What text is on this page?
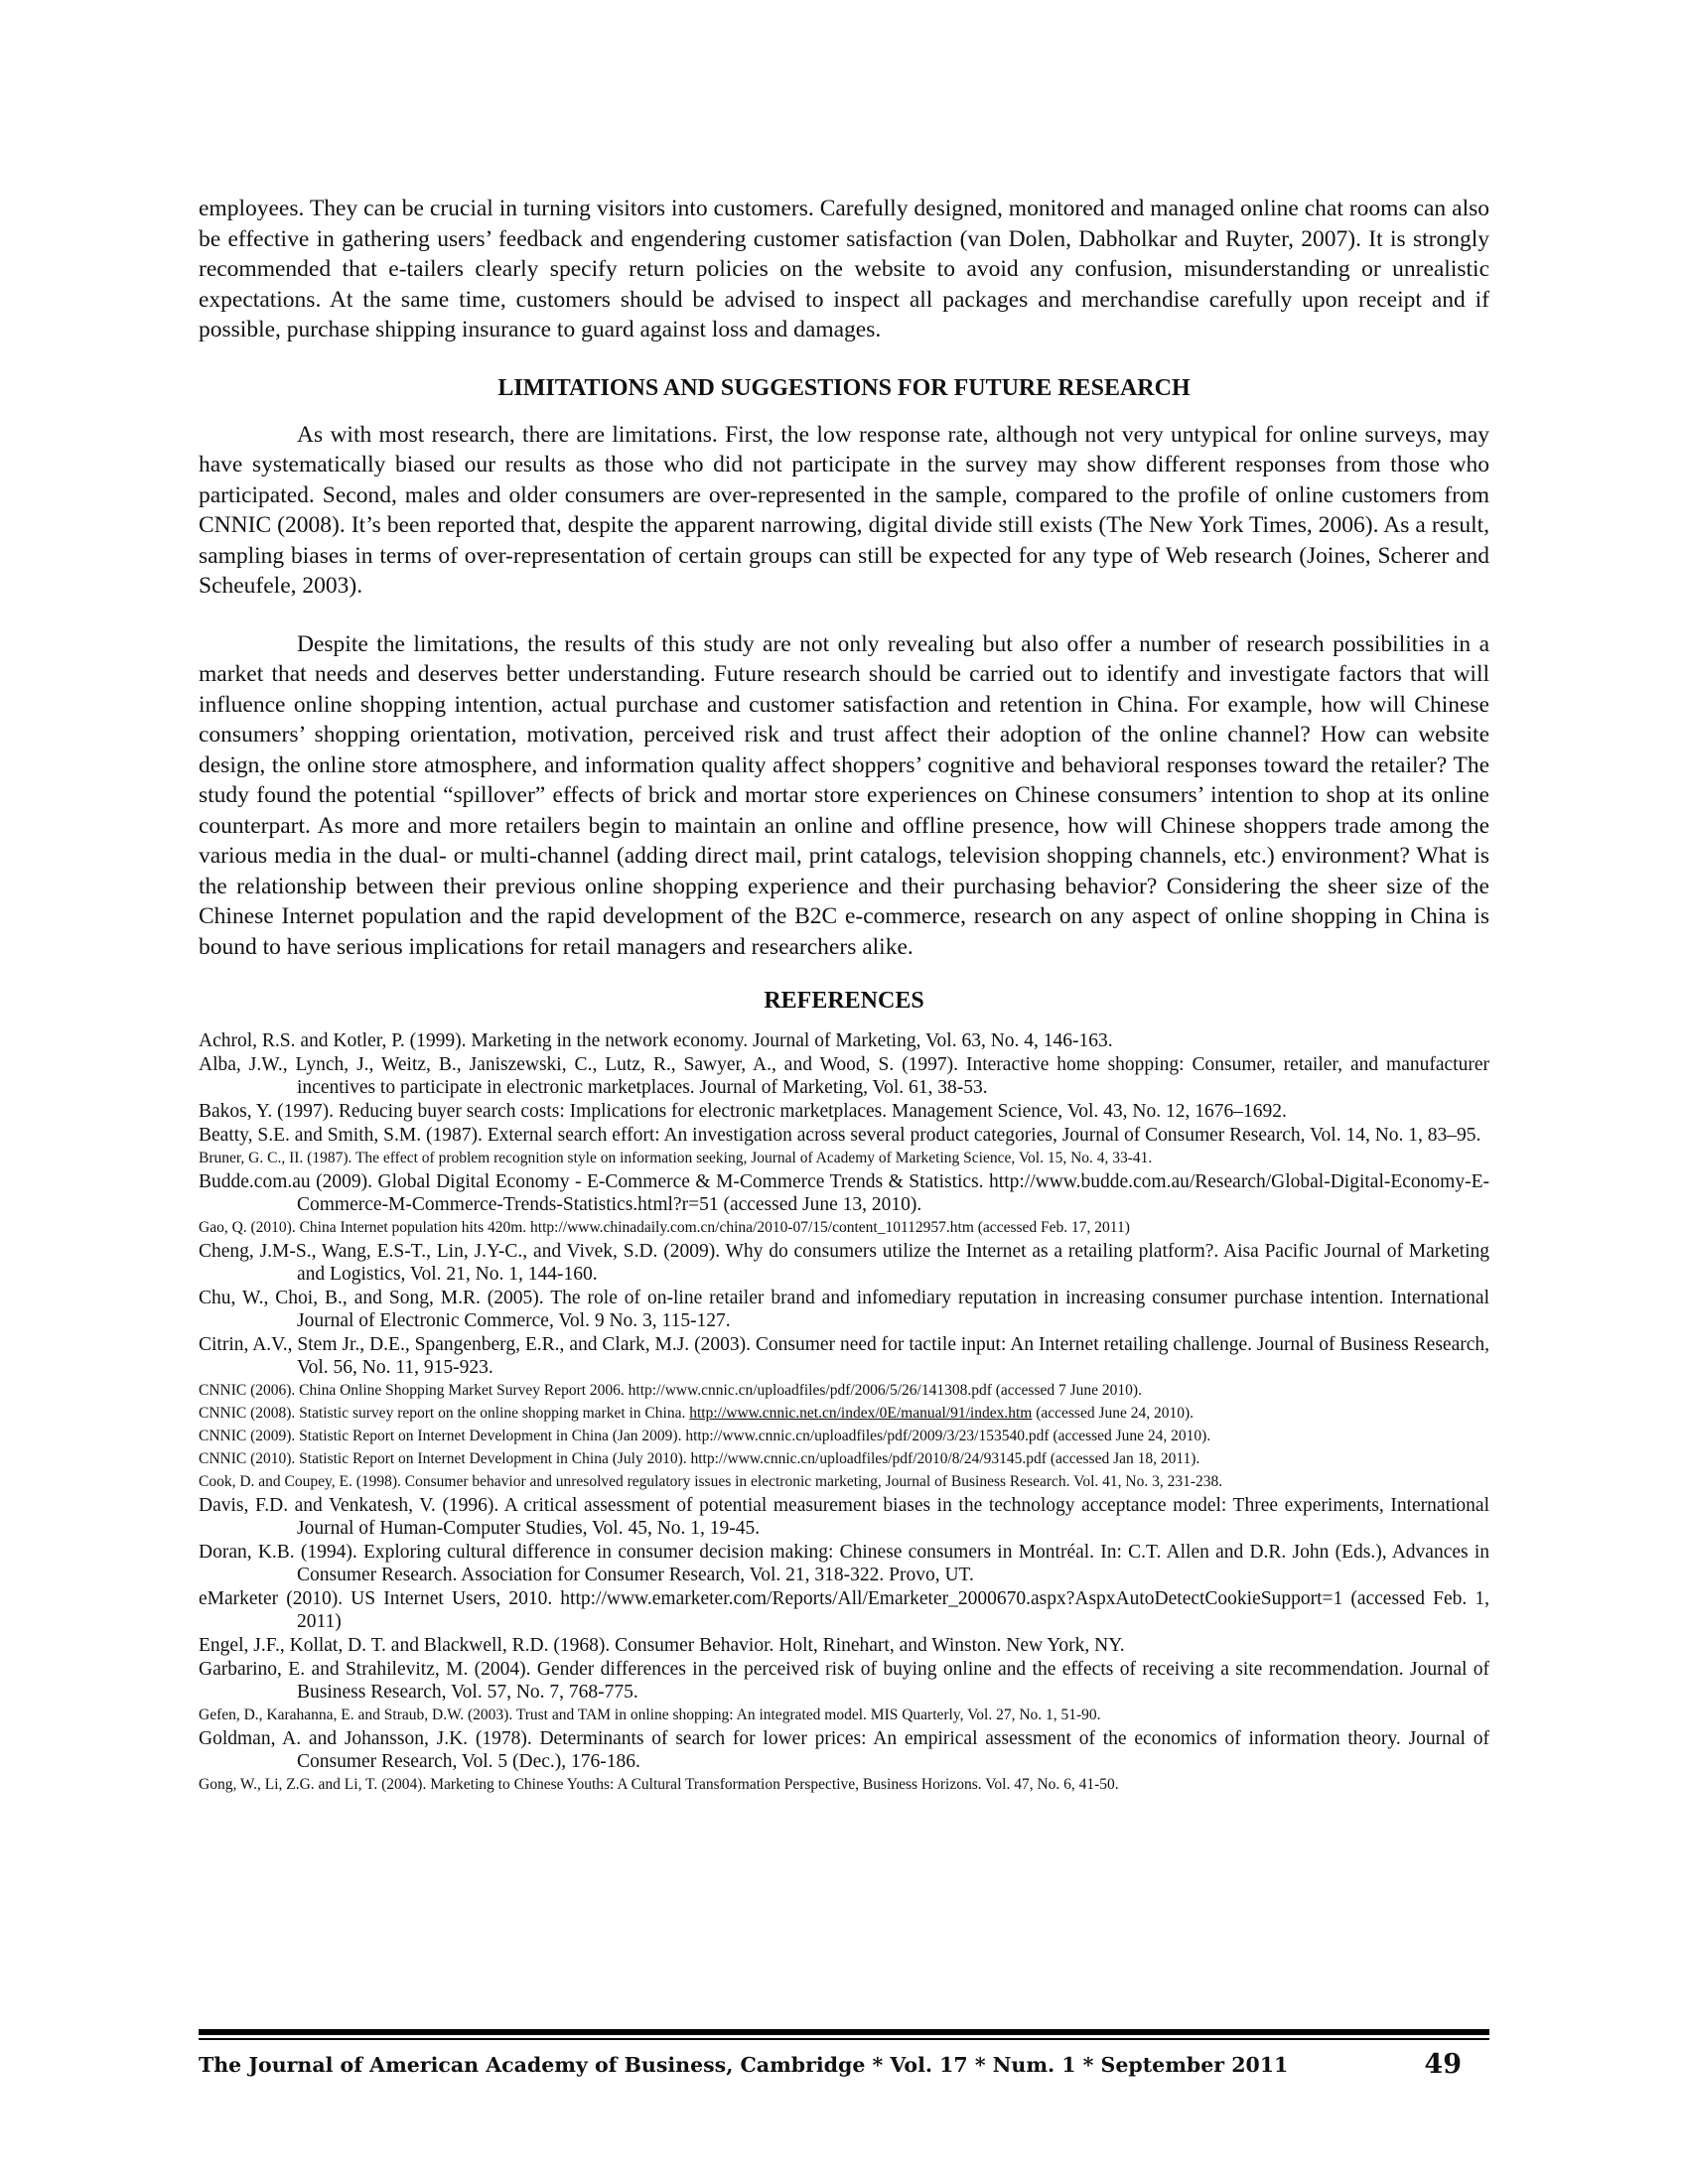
employees. They can be crucial in turning visitors into customers. Carefully designed, monitored and managed online chat rooms can also be effective in gathering users’ feedback and engendering customer satisfaction (van Dolen, Dabholkar and Ruyter, 2007). It is strongly recommended that e-tailers clearly specify return policies on the website to avoid any confusion, misunderstanding or unrealistic expectations. At the same time, customers should be advised to inspect all packages and merchandise carefully upon receipt and if possible, purchase shipping insurance to guard against loss and damages.

LIMITATIONS AND SUGGESTIONS FOR FUTURE RESEARCH

As with most research, there are limitations. First, the low response rate, although not very untypical for online surveys, may have systematically biased our results as those who did not participate in the survey may show different responses from those who participated. Second, males and older consumers are over-represented in the sample, compared to the profile of online customers from CNNIC (2008). It’s been reported that, despite the apparent narrowing, digital divide still exists (The New York Times, 2006). As a result, sampling biases in terms of over-representation of certain groups can still be expected for any type of Web research (Joines, Scherer and Scheufele, 2003).

Despite the limitations, the results of this study are not only revealing but also offer a number of research possibilities in a market that needs and deserves better understanding. Future research should be carried out to identify and investigate factors that will influence online shopping intention, actual purchase and customer satisfaction and retention in China. For example, how will Chinese consumers’ shopping orientation, motivation, perceived risk and trust affect their adoption of the online channel? How can website design, the online store atmosphere, and information quality affect shoppers’ cognitive and behavioral responses toward the retailer? The study found the potential “spillover” effects of brick and mortar store experiences on Chinese consumers’ intention to shop at its online counterpart. As more and more retailers begin to maintain an online and offline presence, how will Chinese shoppers trade among the various media in the dual- or multi-channel (adding direct mail, print catalogs, television shopping channels, etc.) environment? What is the relationship between their previous online shopping experience and their purchasing behavior? Considering the sheer size of the Chinese Internet population and the rapid development of the B2C e-commerce, research on any aspect of online shopping in China is bound to have serious implications for retail managers and researchers alike.

REFERENCES

Achrol, R.S. and Kotler, P. (1999). Marketing in the network economy. Journal of Marketing, Vol. 63, No. 4, 146-163.

Alba, J.W., Lynch, J., Weitz, B., Janiszewski, C., Lutz, R., Sawyer, A., and Wood, S. (1997). Interactive home shopping: Consumer, retailer, and manufacturer incentives to participate in electronic marketplaces. Journal of Marketing, Vol. 61, 38-53.

Bakos, Y. (1997). Reducing buyer search costs: Implications for electronic marketplaces. Management Science, Vol. 43, No. 12, 1676–1692.

Beatty, S.E. and Smith, S.M. (1987). External search effort: An investigation across several product categories, Journal of Consumer Research, Vol. 14, No. 1, 83–95.

Bruner, G. C., II. (1987). The effect of problem recognition style on information seeking, Journal of Academy of Marketing Science, Vol. 15, No. 4, 33-41.

Budde.com.au (2009). Global Digital Economy - E-Commerce & M-Commerce Trends & Statistics. http://www.budde.com.au/Research/Global-Digital-Economy-E-Commerce-M-Commerce-Trends-Statistics.html?r=51 (accessed June 13, 2010).

Gao, Q. (2010). China Internet population hits 420m. http://www.chinadaily.com.cn/china/2010-07/15/content_10112957.htm (accessed Feb. 17, 2011)

Cheng, J.M-S., Wang, E.S-T., Lin, J.Y-C., and Vivek, S.D. (2009). Why do consumers utilize the Internet as a retailing platform?. Aisa Pacific Journal of Marketing and Logistics, Vol. 21, No. 1, 144-160.

Chu, W., Choi, B., and Song, M.R. (2005). The role of on-line retailer brand and infomediary reputation in increasing consumer purchase intention. International Journal of Electronic Commerce, Vol. 9 No. 3, 115-127.

Citrin, A.V., Stem Jr., D.E., Spangenberg, E.R., and Clark, M.J. (2003). Consumer need for tactile input: An Internet retailing challenge. Journal of Business Research, Vol. 56, No. 11, 915-923.

CNNIC (2006). China Online Shopping Market Survey Report 2006. http://www.cnnic.cn/uploadfiles/pdf/2006/5/26/141308.pdf (accessed 7 June 2010).

CNNIC (2008). Statistic survey report on the online shopping market in China. http://www.cnnic.net.cn/index/0E/manual/91/index.htm (accessed June 24, 2010).

CNNIC (2009). Statistic Report on Internet Development in China (Jan 2009). http://www.cnnic.cn/uploadfiles/pdf/2009/3/23/153540.pdf (accessed June 24, 2010).

CNNIC (2010). Statistic Report on Internet Development in China (July 2010). http://www.cnnic.cn/uploadfiles/pdf/2010/8/24/93145.pdf (accessed Jan 18, 2011).

Cook, D. and Coupey, E. (1998). Consumer behavior and unresolved regulatory issues in electronic marketing, Journal of Business Research. Vol. 41, No. 3, 231-238.

Davis, F.D. and Venkatesh, V. (1996). A critical assessment of potential measurement biases in the technology acceptance model: Three experiments, International Journal of Human-Computer Studies, Vol. 45, No. 1, 19-45.

Doran, K.B. (1994). Exploring cultural difference in consumer decision making: Chinese consumers in Montréal. In: C.T. Allen and D.R. John (Eds.), Advances in Consumer Research. Association for Consumer Research, Vol. 21, 318-322. Provo, UT.

eMarketer (2010). US Internet Users, 2010. http://www.emarketer.com/Reports/All/Emarketer_2000670.aspx?AspxAutoDetectCookieSupport=1 (accessed Feb. 1, 2011)

Engel, J.F., Kollat, D. T. and Blackwell, R.D. (1968). Consumer Behavior. Holt, Rinehart, and Winston. New York, NY.

Garbarino, E. and Strahilevitz, M. (2004). Gender differences in the perceived risk of buying online and the effects of receiving a site recommendation. Journal of Business Research, Vol. 57, No. 7, 768-775.

Gefen, D., Karahanna, E. and Straub, D.W. (2003). Trust and TAM in online shopping: An integrated model. MIS Quarterly, Vol. 27, No. 1, 51-90.

Goldman, A. and Johansson, J.K. (1978). Determinants of search for lower prices: An empirical assessment of the economics of information theory. Journal of Consumer Research, Vol. 5 (Dec.), 176-186.

Gong, W., Li, Z.G. and Li, T. (2004). Marketing to Chinese Youths: A Cultural Transformation Perspective, Business Horizons. Vol. 47, No. 6, 41-50.

The Journal of American Academy of Business, Cambridge * Vol. 17 * Num. 1 * September 2011	49
